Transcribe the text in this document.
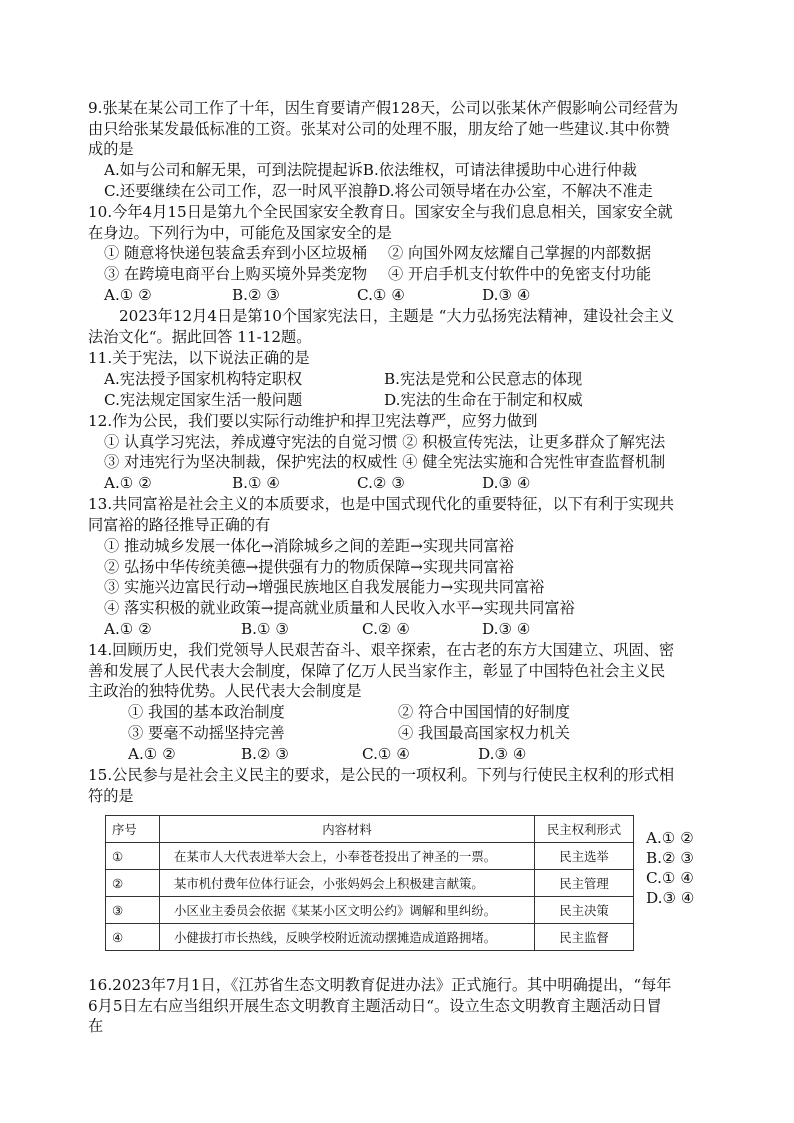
9.张某在某公司工作了十年，因生育要请产假128天，公司以张某休产假影响公司经营为
由只给张某发最低标准的工资。张某对公司的处理不服，朋友给了她一些建议.其中你赞
成的是
A.如与公司和解无果，可到法院提起诉B.依法维权，可请法律援助中心进行仲裁
C.还要继续在公司工作，忍一时风平浪静D.将公司领导堵在办公室，不解决不准走
10.今年4月15日是第九个全民国家安全教育日。国家安全与我们息息相关，国家安全就
在身边。下列行为中，可能危及国家安全的是
① 随意将快递包装盒丢弃到小区垃圾桶 ② 向国外网友炫耀自己掌握的内部数据
③ 在跨境电商平台上购买境外异类宠物 ④ 开启手机支付软件中的免密支付功能
A.① ②	B.② ③	C.① ④	D.③ ④
2023年12月4日是第10个国家宪法日，主题是 “大力弘扬宪法精神，建设社会主义
法治文化“。据此回答 11-12题。
11.关于宪法，以下说法正确的是
A.宪法授予国家机构特定职权	B.宪法是党和公民意志的体现
C.宪法规定国家生活一般问题	D.宪法的生命在于制定和权威
12.作为公民，我们要以实际行动维护和捍卫宪法尊严，应努力做到
① 认真学习宪法，养成遵守宪法的自觉习惯 ② 积极宣传宪法，让更多群众了解宪法
③ 对违宪行为坚决制裁，保护宪法的权威性 ④ 健全宪法实施和合宪性审查监督机制
A.① ②	B.① ④	C.② ③	D.③ ④
13.共同富裕是社会主义的本质要求，也是中国式现代化的重要特征，以下有利于实现共
同富裕的路径推导正确的有
① 推动城乡发展一体化→消除城乡之间的差距→实现共同富裕
② 弘扬中华传统美德→提供强有力的物质保障→实现共同富裕
③ 实施兴边富民行动→增强民族地区自我发展能力→实现共同富裕
④ 落实积极的就业政策→提高就业质量和人民收入水平→实现共同富裕
A.① ②	B.① ③	C.② ④	D.③ ④
14.回顾历史，我们党领导人民艰苦奋斗、艰辛探索，在古老的东方大国建立、巩固、密
善和发展了人民代表大会制度，保障了亿万人民当家作主，彰显了中国特色社会主义民
主政治的独特优势。人民代表大会制度是
① 我国的基本政治制度	② 符合中国国情的好制度
③ 要毫不动摇坚持完善	④ 我国最高国家权力机关
A.① ②	B.② ③	C.① ④	D.③ ④
15.公民参与是社会主义民主的要求，是公民的一项权利。下列与行使民主权利的形式相
符的是
序号	内容材料	民主权利形式
①	在某市人大代表进举大会上，小奉苍苍投出了神圣的一票。	民主选举
②	某市机付费年位体行证会，小张妈妈会上积极建言献策。	民主管理
③	小区业主委员会依据《某某小区文明公约》调解和里纠纷。	民主决策
④	小健拔打市长热线，反映学校附近流动摆摊造成道路拥堵。	民主监督
A.① ②
B.② ③
C.① ④
D.③ ④
16.2023年7月1日，《江苏省生态文明教育促进办法》正式施行。其中明确提出，“每年
6月5日左右应当组织开展生态文明教育主题活动日“。设立生态文明教育主题活动日冒
在
